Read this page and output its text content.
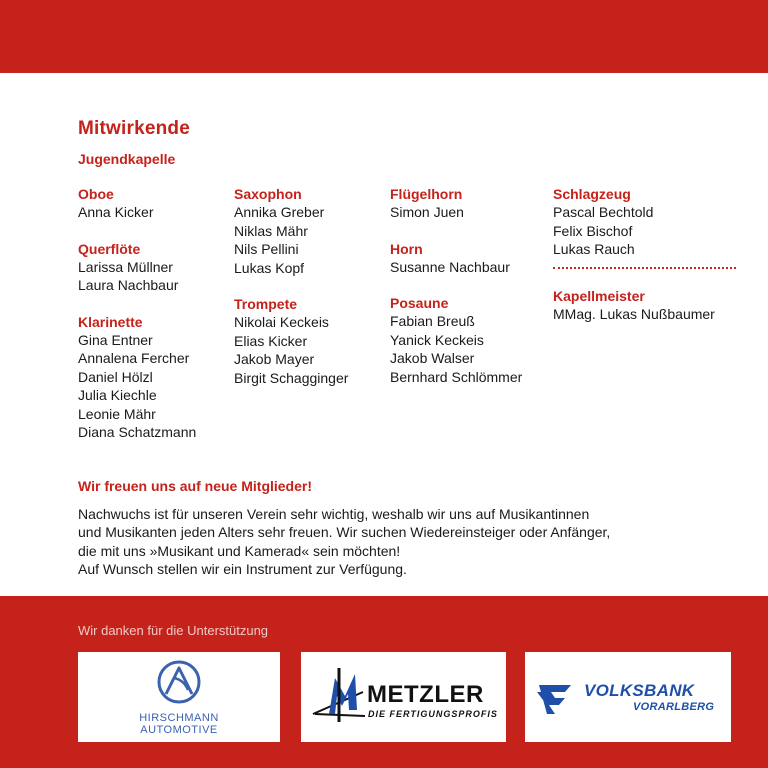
Mitwirkende
Jugendkapelle
Oboe
Anna Kicker
Querflöte
Larissa Müllner
Laura Nachbaur
Klarinette
Gina Entner
Annalena Fercher
Daniel Hölzl
Julia Kiechle
Leonie Mähr
Diana Schatzmann
Saxophon
Annika Greber
Niklas Mähr
Nils Pellini
Lukas Kopf
Trompete
Nikolai Keckeis
Elias Kicker
Jakob Mayer
Birgit Schagginger
Flügelhorn
Simon Juen
Horn
Susanne Nachbaur
Posaune
Fabian Breuß
Yanick Keckeis
Jakob Walser
Bernhard Schlömmer
Schlagzeug
Pascal Bechtold
Felix Bischof
Lukas Rauch
Kapellmeister
MMag. Lukas Nußbaumer
Wir freuen uns auf neue Mitglieder!
Nachwuchs ist für unseren Verein sehr wichtig, weshalb wir uns auf Musikantinnen
und Musikanten jeden Alters sehr freuen. Wir suchen Wiedereinsteiger oder Anfänger,
die mit uns »Musikant und Kamerad« sein möchten!
Auf Wunsch stellen wir ein Instrument zur Verfügung.
Wir danken für die Unterstützung
HIRSCHMANN
AUTOMOTIVE
METZLER
DIE FERTIGUNGSPROFIS
VOLKSBANK
VORARLBERG
